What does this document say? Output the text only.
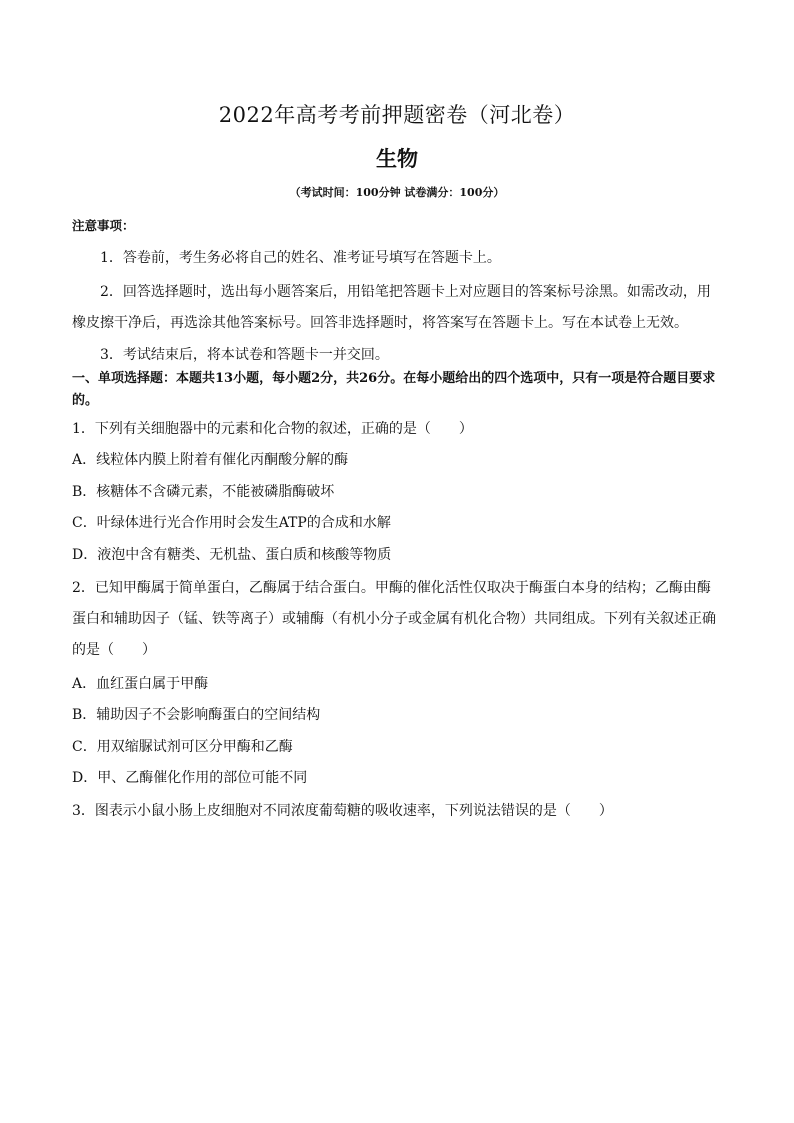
2022年高考考前押题密卷（河北卷）
生物
（考试时间：100分钟 试卷满分：100分）
注意事项：
1．答卷前，考生务必将自己的姓名、准考证号填写在答题卡上。
2．回答选择题时，选出每小题答案后，用铅笔把答题卡上对应题目的答案标号涂黑。如需改动，用橡皮擦干净后，再选涂其他答案标号。回答非选择题时，将答案写在答题卡上。写在本试卷上无效。
3．考试结束后，将本试卷和答题卡一并交回。
一、单项选择题：本题共13小题，每小题2分，共26分。在每小题给出的四个选项中，只有一项是符合题目要求的。
1．下列有关细胞器中的元素和化合物的叙述，正确的是（　　）
A．线粒体内膜上附着有催化丙酮酸分解的酶
B．核糖体不含磷元素，不能被磷脂酶破坏
C．叶绿体进行光合作用时会发生ATP的合成和水解
D．液泡中含有糖类、无机盐、蛋白质和核酸等物质
2．已知甲酶属于简单蛋白，乙酶属于结合蛋白。甲酶的催化活性仅取决于酶蛋白本身的结构；乙酶由酶蛋白和辅助因子（锰、铁等离子）或辅酶（有机小分子或金属有机化合物）共同组成。下列有关叙述正确的是（　　）
A．血红蛋白属于甲酶
B．辅助因子不会影响酶蛋白的空间结构
C．用双缩脲试剂可区分甲酶和乙酶
D．甲、乙酶催化作用的部位可能不同
3．图表示小鼠小肠上皮细胞对不同浓度葡萄糖的吸收速率，下列说法错误的是（　　）
